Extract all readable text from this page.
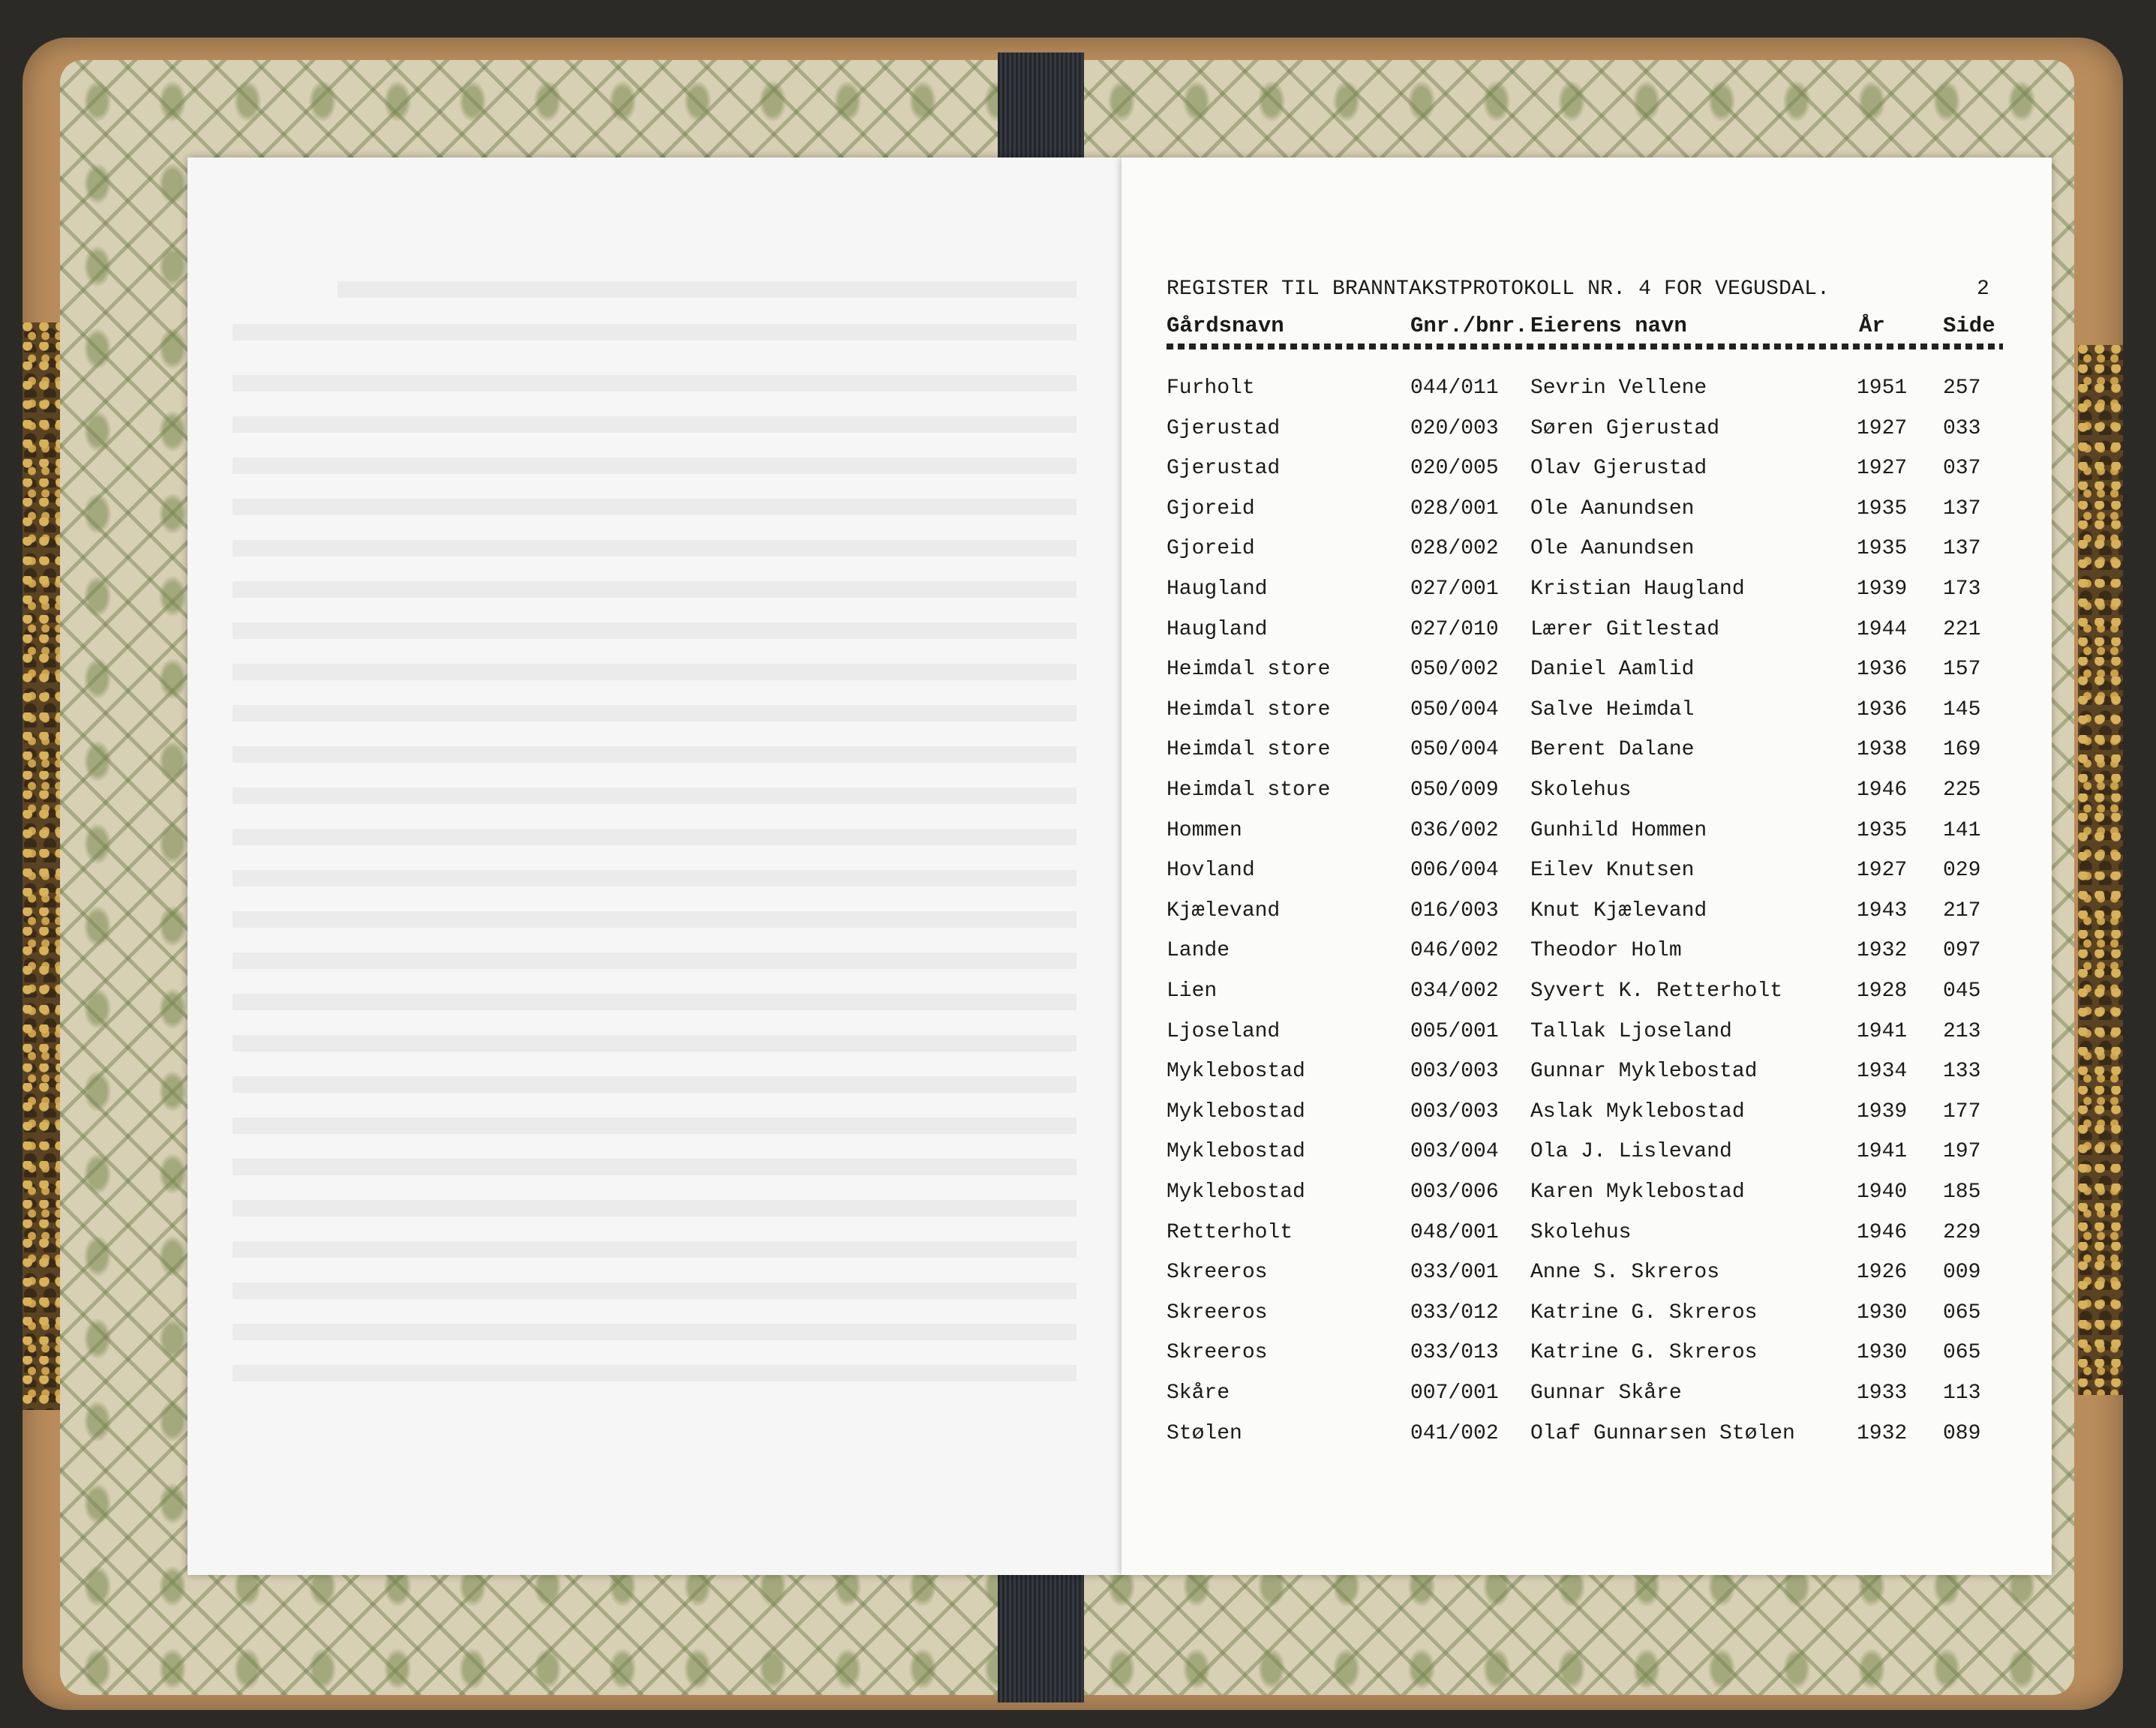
REGISTER TIL BRANNTAKSTPROTOKOLL NR. 4 FOR VEGUSDAL.	2
Gårdsnavn	Gnr./bnr. Eierens navn	År	Side
Furholt	044/011 Sevrin Vellene	1951 257
Gjerustad	020/003 Søren Gjerustad	1927 033
Gjerustad	020/005 Olav Gjerustad	1927 037
Gjoreid	028/001 Ole Aanundsen	1935 137
Gjoreid	028/002 Ole Aanundsen	1935 137
Haugland	027/001 Kristian Haugland	1939 173
Haugland	027/010 Lærer Gitlestad	1944 221
Heimdal store	050/002 Daniel Aamlid	1936 157
Heimdal store	050/004 Salve Heimdal	1936 145
Heimdal store	050/004 Berent Dalane	1938 169
Heimdal store	050/009 Skolehus	1946 225
Hommen	036/002 Gunhild Hommen	1935 141
Hovland	006/004 Eilev Knutsen	1927 029
Kjælevand	016/003 Knut Kjælevand	1943 217
Lande	046/002 Theodor Holm	1932 097
Lien	034/002 Syvert K. Retterholt	1928 045
Ljoseland	005/001 Tallak Ljoseland	1941 213
Myklebostad	003/003 Gunnar Myklebostad	1934 133
Myklebostad	003/003 Aslak Myklebostad	1939 177
Myklebostad	003/004 Ola J. Lislevand	1941 197
Myklebostad	003/006 Karen Myklebostad	1940 185
Retterholt	048/001 Skolehus	1946 229
Skreeros	033/001 Anne S. Skreros	1926 009
Skreeros	033/012 Katrine G. Skreros	1930 065
Skreeros	033/013 Katrine G. Skreros	1930 065
Skåre	007/001 Gunnar Skåre	1933 113
Stølen	041/002 Olaf Gunnarsen Stølen	1932 089
